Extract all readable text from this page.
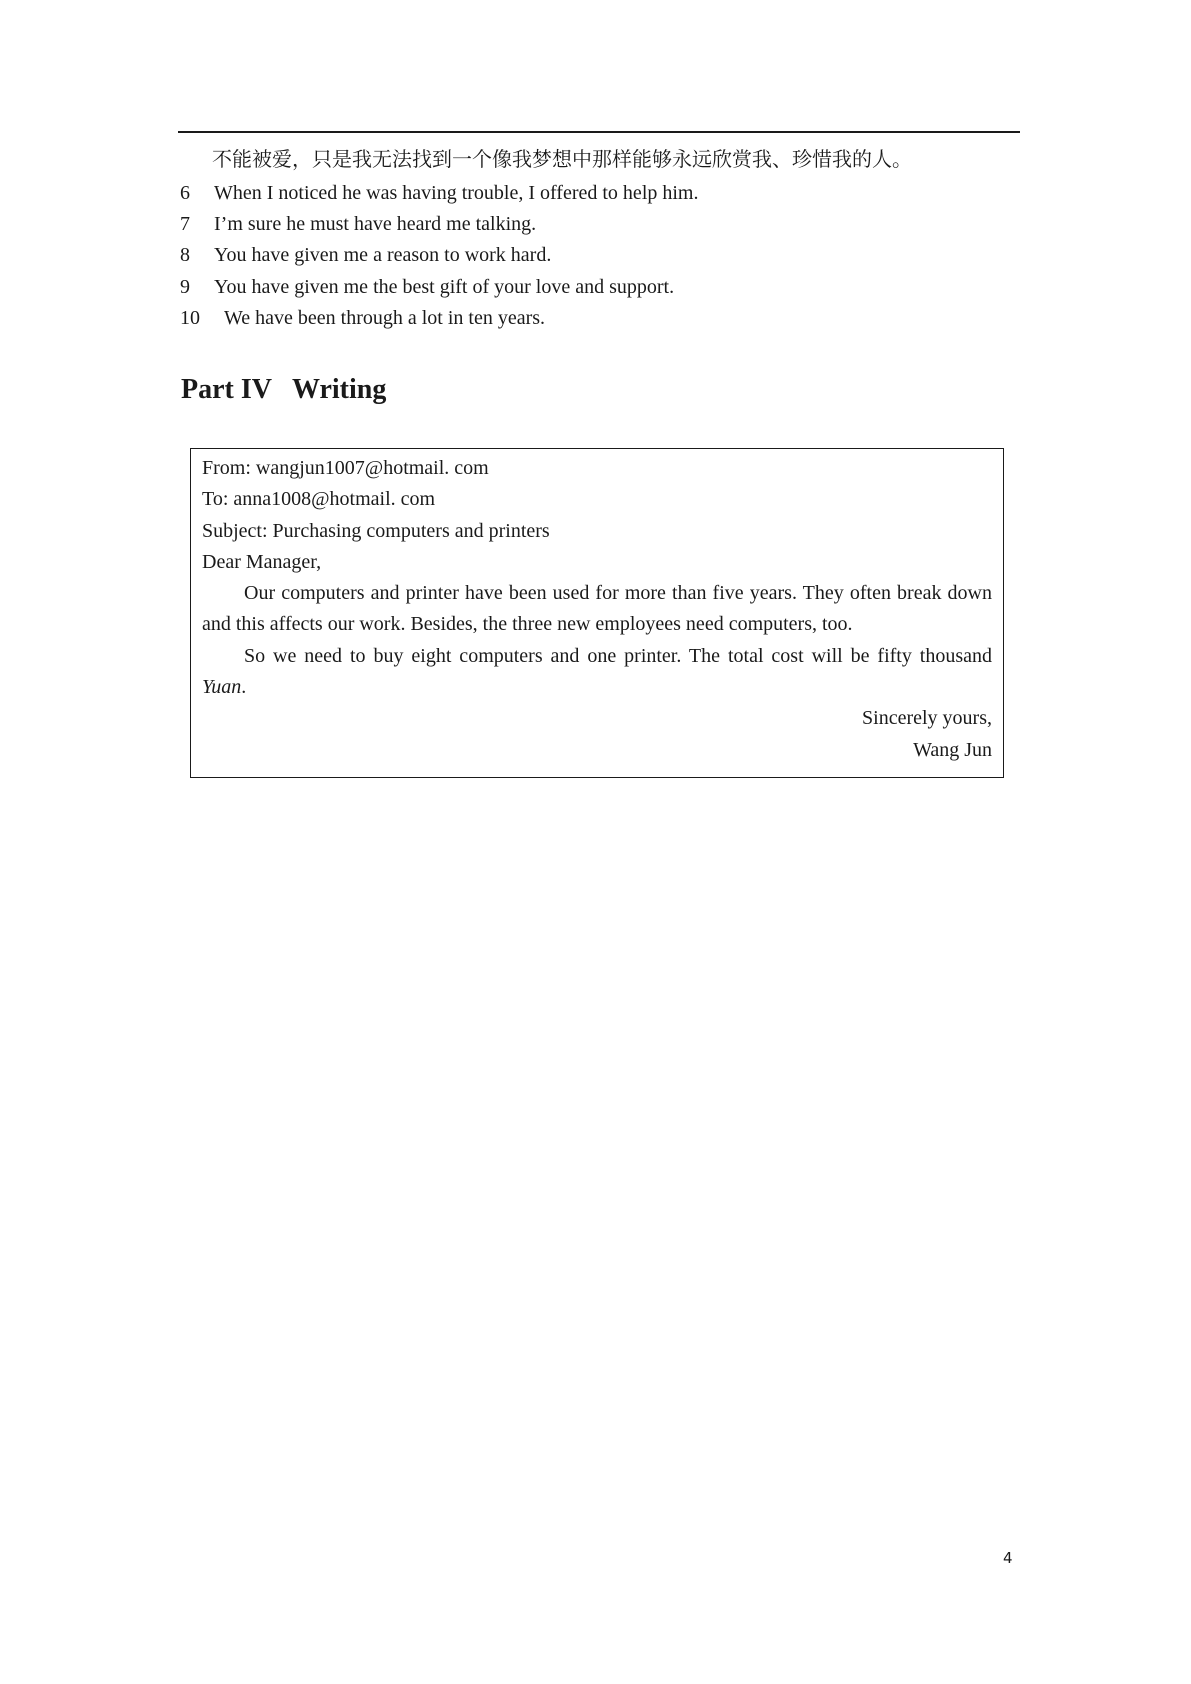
不能被爱，只是我无法找到一个像我梦想中那样能够永远欣赏我、珍惜我的人。
6 When I noticed he was having trouble, I offered to help him.
7 I’m sure he must have heard me talking.
8 You have given me a reason to work hard.
9 You have given me the best gift of your love and support.
10 We have been through a lot in ten years.
Part IV   Writing
From: wangjun1007@hotmail. com
To: anna1008@hotmail. com
Subject: Purchasing computers and printers
Dear Manager,

Our computers and printer have been used for more than five years. They often break down and this affects our work. Besides, the three new employees need computers, too.

So we need to buy eight computers and one printer. The total cost will be fifty thousand Yuan.

Sincerely yours,
Wang Jun
4
